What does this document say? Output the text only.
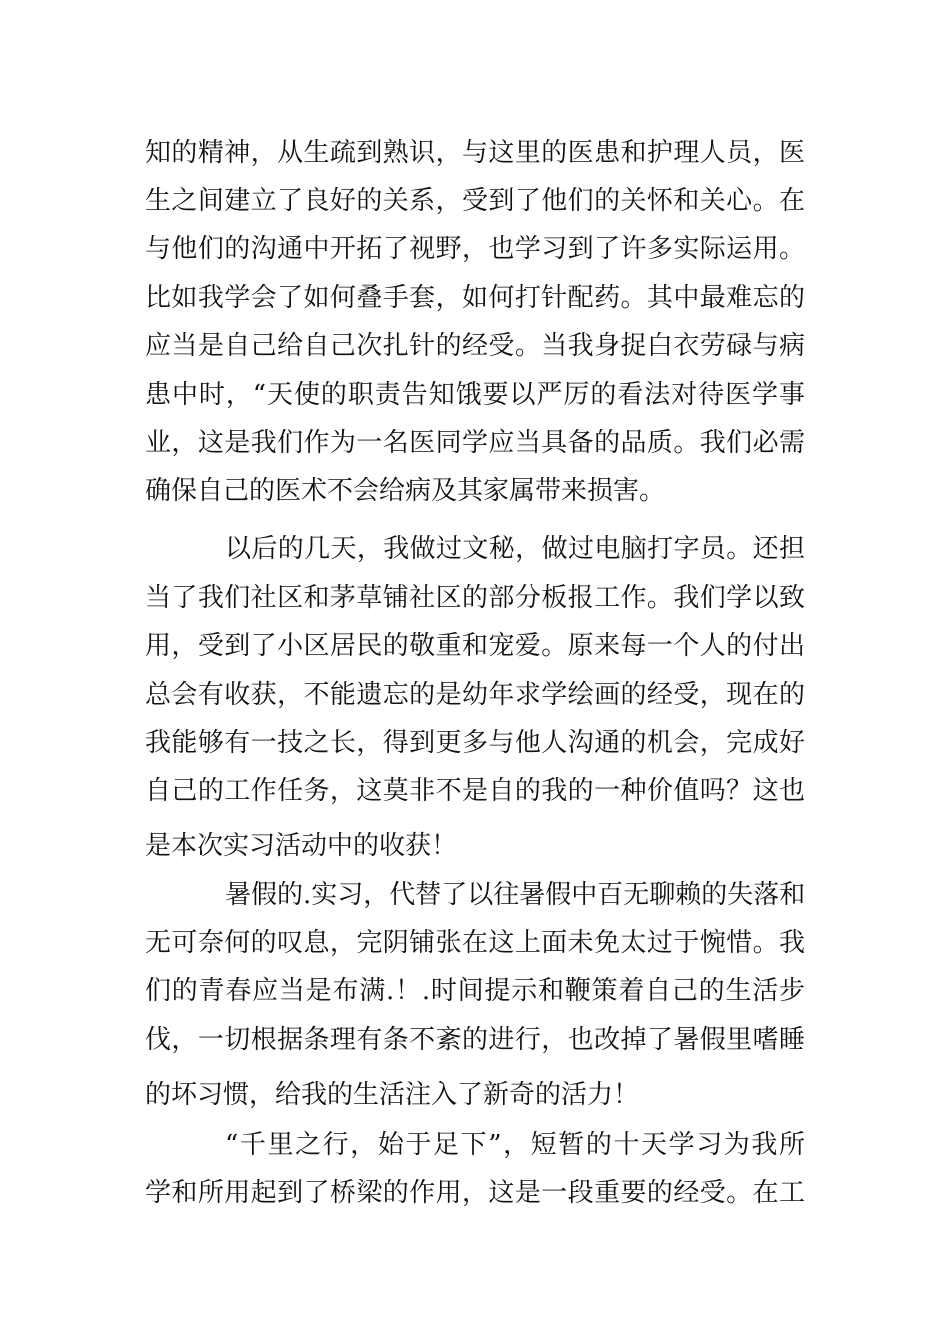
知的精神，从生疏到熟识，与这里的医患和护理人员，医
生之间建立了良好的关系，受到了他们的关怀和关心。在
与他们的沟通中开拓了视野，也学习到了许多实际运用。
比如我学会了如何叠手套，如何打针配药。其中最难忘的
应当是自己给自己次扎针的经受。当我身捉白衣劳碌与病
患中时，“天使的职责告知饿要以严厉的看法对待医学事
业，这是我们作为一名医同学应当具备的品质。我们必需
确保自己的医术不会给病及其家属带来损害。
以后的几天，我做过文秘，做过电脑打字员。还担
当了我们社区和茅草铺社区的部分板报工作。我们学以致
用，受到了小区居民的敬重和宠爱。原来每一个人的付出
总会有收获，不能遗忘的是幼年求学绘画的经受，现在的
我能够有一技之长，得到更多与他人沟通的机会，完成好
自己的工作任务，这莫非不是自的我的一种价值吗？这也
是本次实习活动中的收获！
暑假的.实习，代替了以往暑假中百无聊赖的失落和
无可奈何的叹息，完阴铺张在这上面未免太过于惋惜。我
们的青春应当是布满.！.时间提示和鞭策着自己的生活步
伐，一切根据条理有条不紊的进行，也改掉了暑假里嗜睡
的坏习惯，给我的生活注入了新奇的活力！
“千里之行，始于足下”，短暂的十天学习为我所
学和所用起到了桥梁的作用，这是一段重要的经受。在工
